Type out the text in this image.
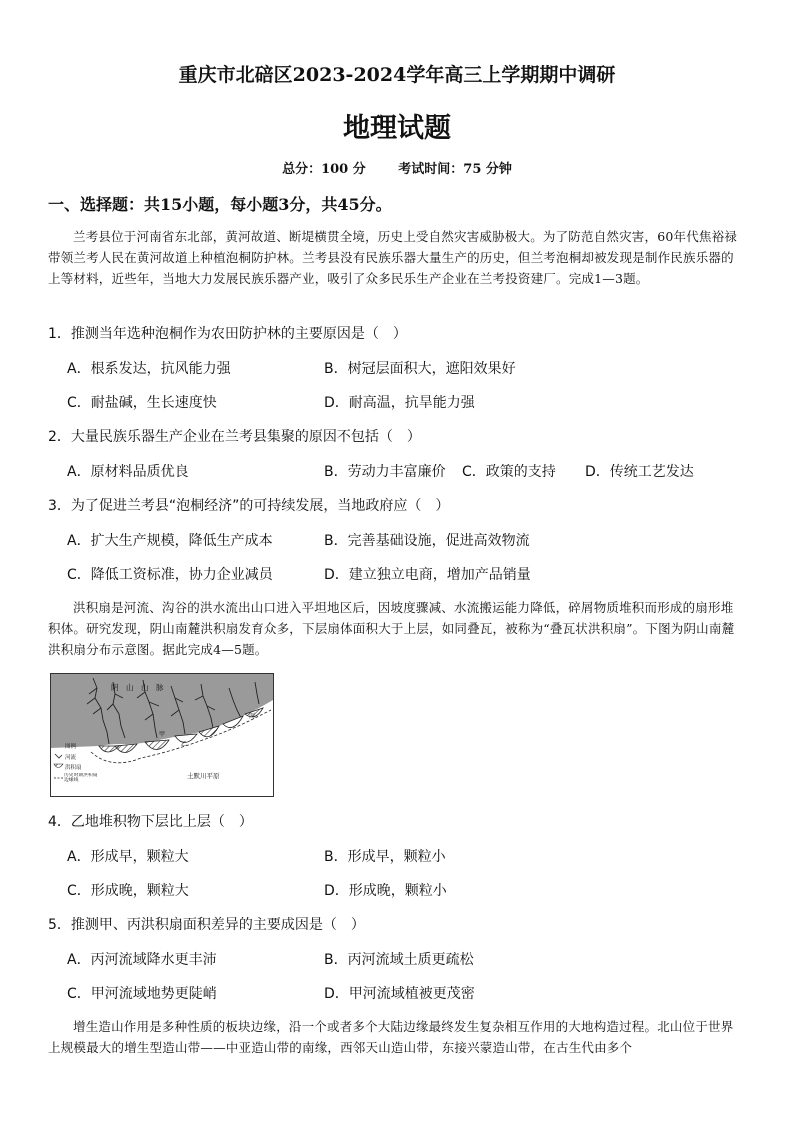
重庆市北碚区2023-2024学年高三上学期期中调研
地理试题
总分：100 分	考试时间：75 分钟
一、选择题：共15小题，每小题3分，共45分。
兰考县位于河南省东北部，黄河故道、断堤横贯全境，历史上受自然灾害威胁极大。为了防范自然灾害，60年代焦裕禄带领兰考人民在黄河故道上种植泡桐防护林。兰考县没有民族乐器大量生产的历史，但兰考泡桐却被发现是制作民族乐器的上等材料，近些年，当地大力发展民族乐器产业，吸引了众多民乐生产企业在兰考投资建厂。完成1—3题。
1．推测当年选种泡桐作为农田防护林的主要原因是（　）
A．根系发达，抗风能力强	B．树冠层面积大，遮阳效果好
C．耐盐碱，生长速度快	D．耐高温，抗旱能力强
2．大量民族乐器生产企业在兰考县集聚的原因不包括（　）
A．原材料品质优良	B．劳动力丰富廉价 C．政策的支持 D．传统工艺发达
3．为了促进兰考县“泡桐经济”的可持续发展，当地政府应（　）
A．扩大生产规模，降低生产成本	B．完善基础设施，促进高效物流
C．降低工资标准，协力企业减员	D．建立独立电商，增加产品销量
洪积扇是河流、沟谷的洪水流出山口进入平坦地区后，因坡度骤减、水流搬运能力降低，碎屑物质堆积而形成的扇形堆积体。研究发现，阴山南麓洪积扇发育众多，下层扇体面积大于上层，如同叠瓦，被称为“叠瓦状洪积扇”。下图为阴山南麓洪积扇分布示意图。据此完成4—5题。
阴　山　山　脉
甲
丙
乙
土默川平原
图例
河流
洪积扇
历史时期洪积扇边缘线
4．乙地堆积物下层比上层（　）
A．形成早，颗粒大	B．形成早，颗粒小
C．形成晚，颗粒大	D．形成晚，颗粒小
5．推测甲、丙洪积扇面积差异的主要成因是（　）
A．丙河流域降水更丰沛	B．丙河流域土质更疏松
C．甲河流域地势更陡峭	D．甲河流域植被更茂密
增生造山作用是多种性质的板块边缘，沿一个或者多个大陆边缘最终发生复杂相互作用的大地构造过程。北山位于世界上规模最大的增生型造山带——中亚造山带的南缘，西邻天山造山带，东接兴蒙造山带，在古生代由多个
